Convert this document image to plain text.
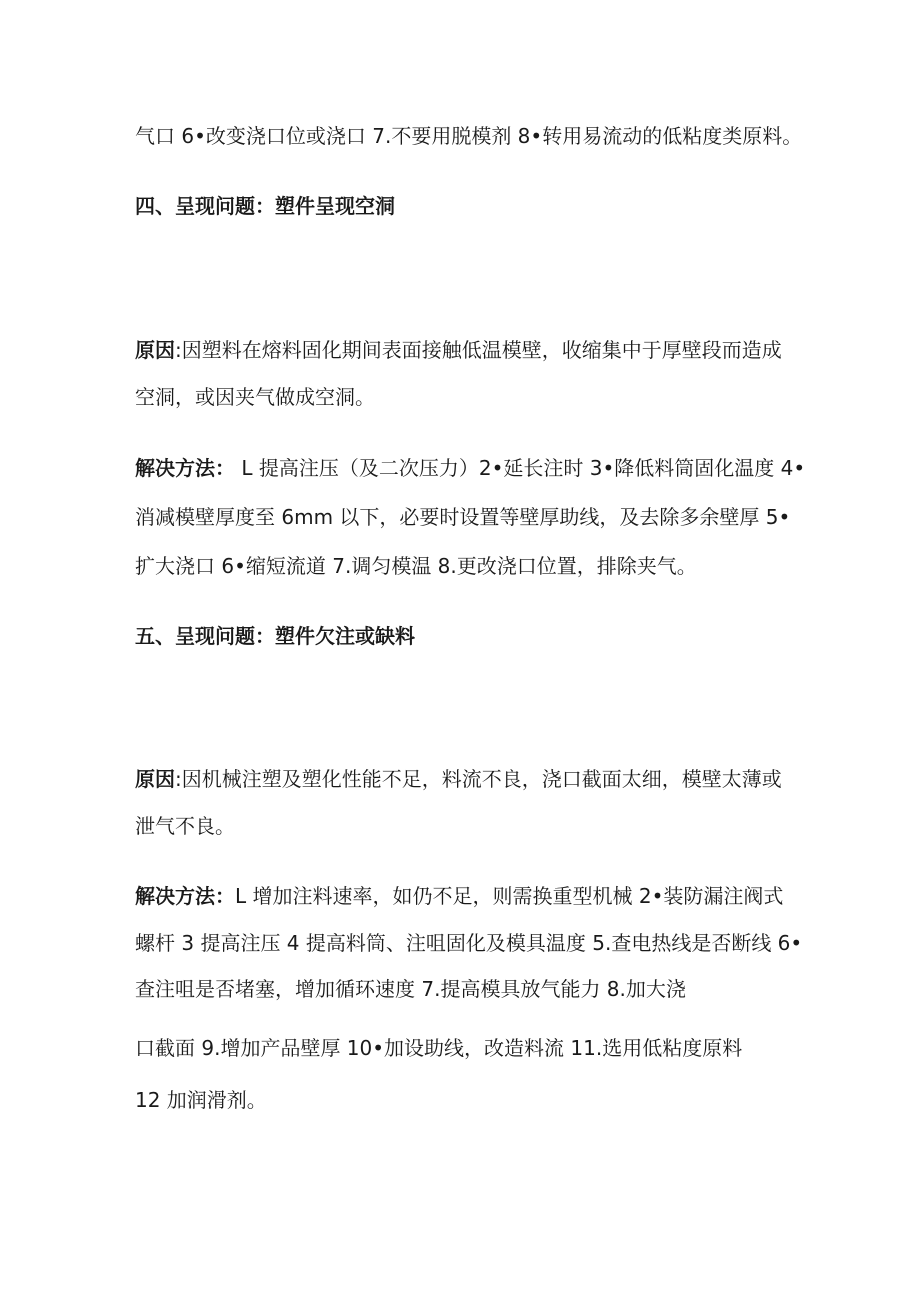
气口 6•改变浇口位或浇口 7.不要用脱模剂 8•转用易流动的低粘度类原料。
四、呈现问题：塑件呈现空洞
原因:因塑料在熔料固化期间表面接触低温模壁，收缩集中于厚壁段而造成
空洞，或因夹气做成空洞。
解决方法： L 提高注压（及二次压力）2•延长注时 3•降低料筒固化温度 4•
消减模壁厚度至 6mm 以下，必要时设置等壁厚助线，及去除多余壁厚 5•
扩大浇口 6•缩短流道 7.调匀模温 8.更改浇口位置，排除夹气。
五、呈现问题：塑件欠注或缺料
原因:因机械注塑及塑化性能不足，料流不良，浇口截面太细，模壁太薄或
泄气不良。
解决方法：L 增加注料速率，如仍不足，则需换重型机械 2•装防漏注阀式
螺杆 3 提高注压 4 提高料筒、注咀固化及模具温度 5.查电热线是否断线 6•
查注咀是否堵塞，增加循环速度 7.提高模具放气能力 8.加大浇
口截面 9.增加产品壁厚 10•加设助线，改造料流 11.选用低粘度原料
12 加润滑剂。
